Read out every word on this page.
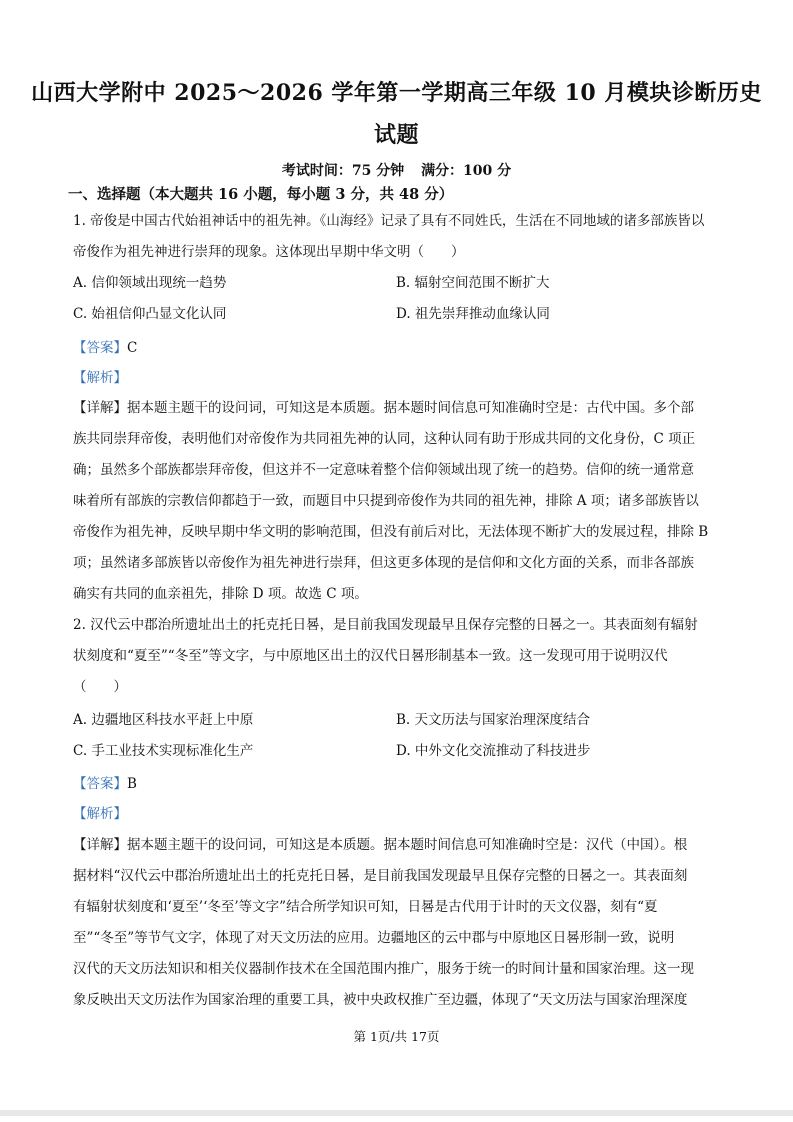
山西大学附中 2025～2026 学年第一学期高三年级 10 月模块诊断历史
试题
考试时间：75 分钟 满分：100 分
一、选择题（本大题共 16 小题，每小题 3 分，共 48 分）
1. 帝俊是中国古代始祖神话中的祖先神。《山海经》记录了具有不同姓氏，生活在不同地域的诸多部族皆以
帝俊作为祖先神进行崇拜的现象。这体现出早期中华文明（　　）
A. 信仰领域出现统一趋势	B. 辐射空间范围不断扩大
C. 始祖信仰凸显文化认同	D. 祖先崇拜推动血缘认同
【答案】C
【解析】
【详解】据本题主题干的设问词，可知这是本质题。据本题时间信息可知准确时空是：古代中国。多个部
族共同崇拜帝俊，表明他们对帝俊作为共同祖先神的认同，这种认同有助于形成共同的文化身份，C 项正
确；虽然多个部族都崇拜帝俊，但这并不一定意味着整个信仰领域出现了统一的趋势。信仰的统一通常意
味着所有部族的宗教信仰都趋于一致，而题目中只提到帝俊作为共同的祖先神，排除 A 项；诸多部族皆以
帝俊作为祖先神，反映早期中华文明的影响范围，但没有前后对比，无法体现不断扩大的发展过程，排除 B
项；虽然诸多部族皆以帝俊作为祖先神进行崇拜，但这更多体现的是信仰和文化方面的关系，而非各部族
确实有共同的血亲祖先，排除 D 项。故选 C 项。
2. 汉代云中郡治所遗址出土的托克托日晷，是目前我国发现最早且保存完整的日晷之一。其表面刻有辐射
状刻度和“夏至”“冬至”等文字，与中原地区出土的汉代日晷形制基本一致。这一发现可用于说明汉代
（　　）
A. 边疆地区科技水平赶上中原	B. 天文历法与国家治理深度结合
C. 手工业技术实现标准化生产	D. 中外文化交流推动了科技进步
【答案】B
【解析】
【详解】据本题主题干的设问词，可知这是本质题。据本题时间信息可知准确时空是：汉代（中国）。根
据材料“汉代云中郡治所遗址出土的托克托日晷，是目前我国发现最早且保存完整的日晷之一。其表面刻
有辐射状刻度和‘夏至’‘冬至’等文字”结合所学知识可知，日晷是古代用于计时的天文仪器，刻有“夏
至”“冬至”等节气文字，体现了对天文历法的应用。边疆地区的云中郡与中原地区日晷形制一致，说明
汉代的天文历法知识和相关仪器制作技术在全国范围内推广，服务于统一的时间计量和国家治理。这一现
象反映出天文历法作为国家治理的重要工具，被中央政权推广至边疆，体现了“天文历法与国家治理深度
第 1页/共 17页
